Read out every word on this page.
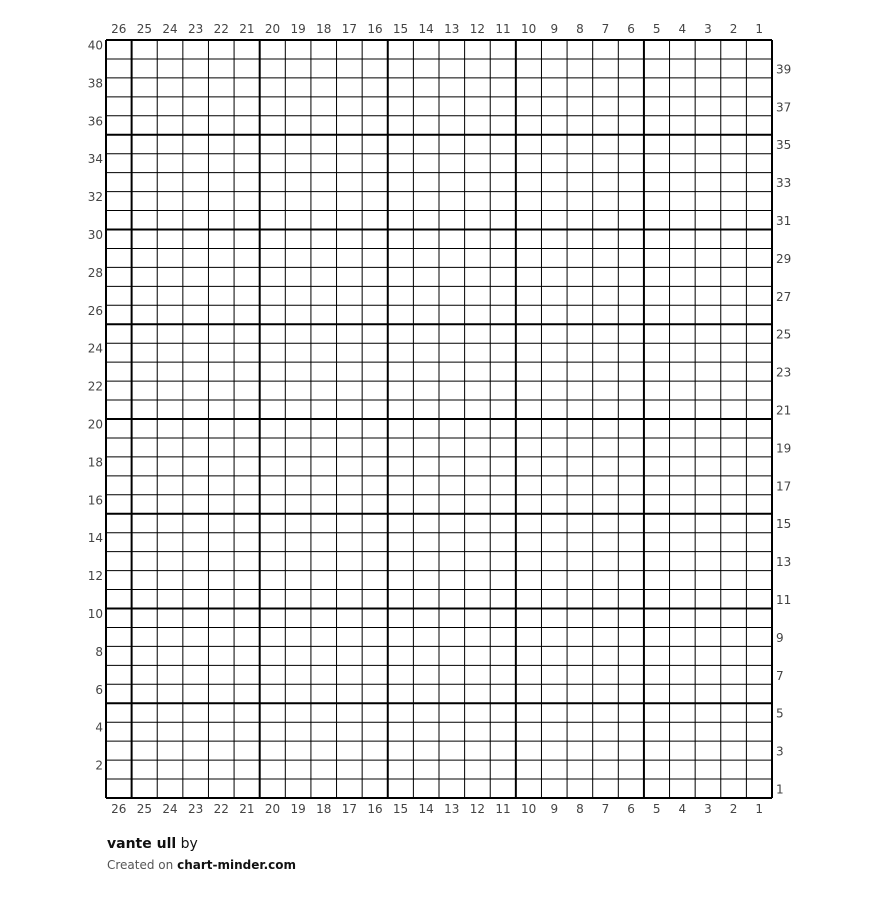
26
26
25
25
24
24
23
23
22
22
21
21
20
20
19
19
18
18
17
17
16
16
15
15
14
14
13
13
12
12
11
11
10
10
9
9
8
8
7
7
6
6
5
5
4
4
3
3
2
2
1
1
40
38
36
34
32
30
28
26
24
22
20
18
16
14
12
10
8
6
4
2
39
37
35
33
31
29
27
25
23
21
19
17
15
13
11
9
7
5
3
1
vante ull by
Created on chart-minder.com
